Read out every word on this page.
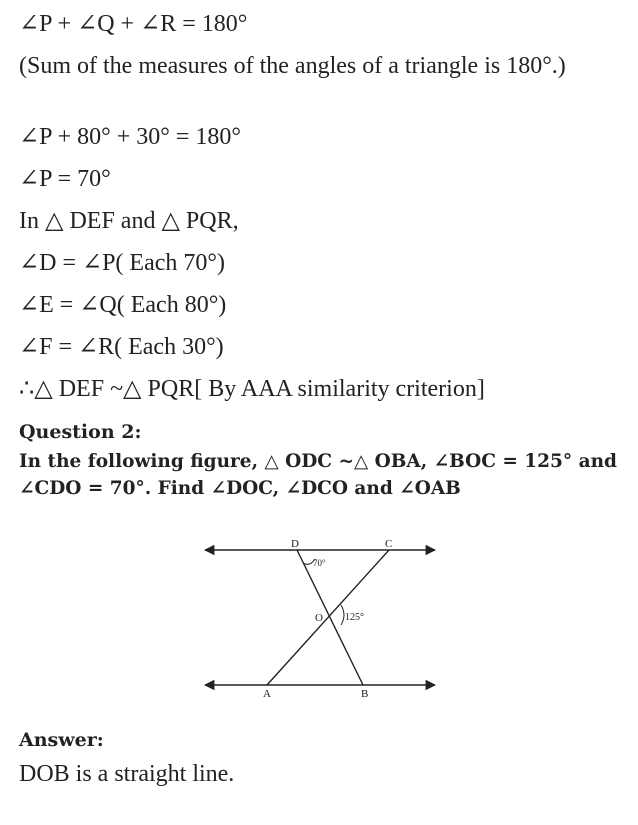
∠P + ∠Q + ∠R = 180°
(Sum of the measures of the angles of a triangle is 180°.)
∠P + 80° + 30° = 180°
∠P = 70°
In △ DEF and △ PQR,
∠D = ∠P( Each 70°)
∠E = ∠Q( Each 80°)
∠F = ∠R( Each 30°)
∴△ DEF ~△ PQR[ By AAA similarity criterion]
Question 2:
In the following figure, △ ODC ~△ OBA, ∠BOC = 125° and ∠CDO = 70°. Find ∠DOC, ∠DCO and ∠OAB
D	C
O
A	B
70°
125°
Answer:
DOB is a straight line.
